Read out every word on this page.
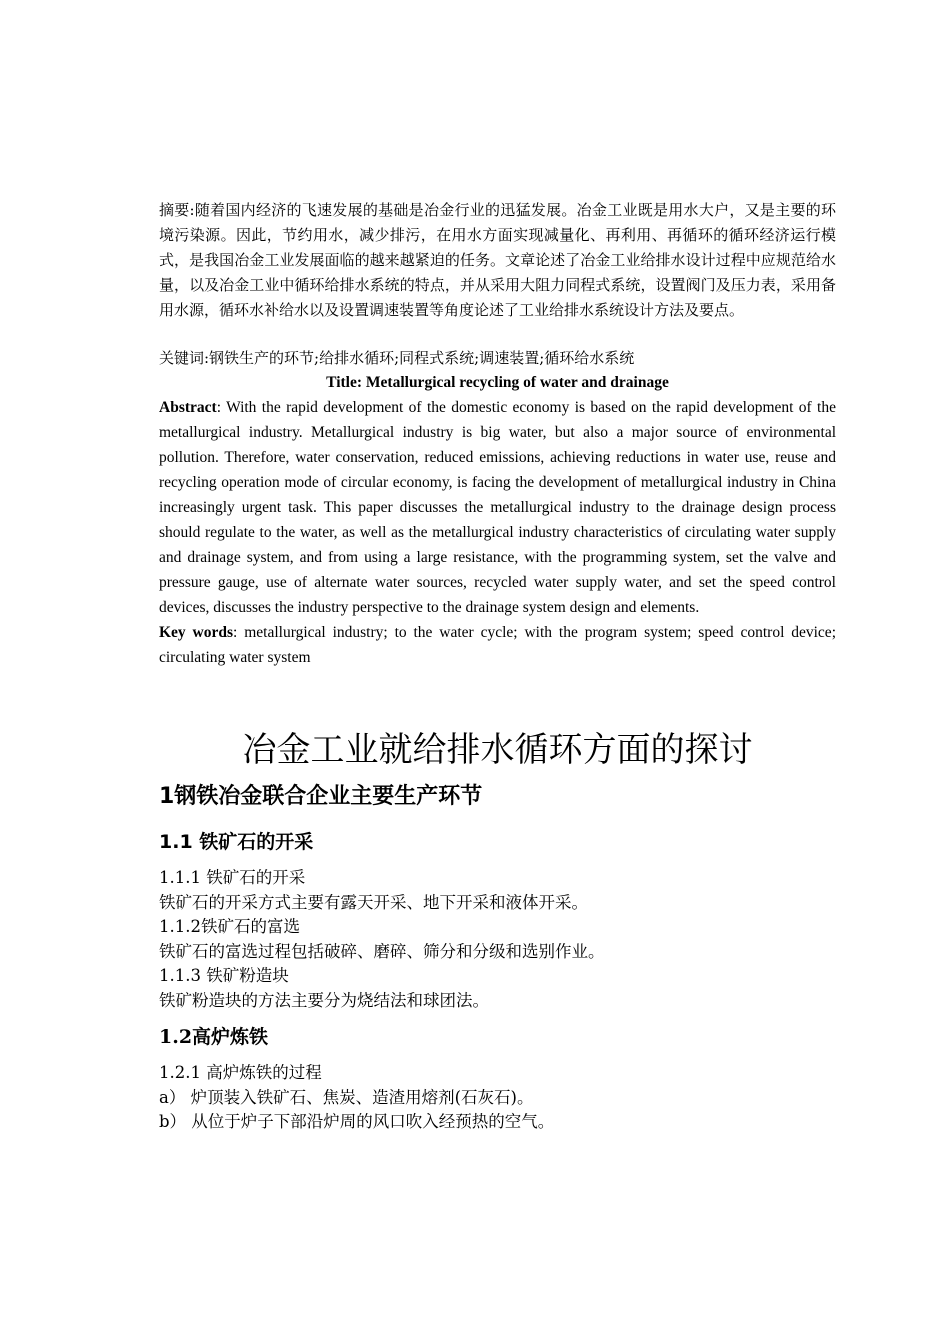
摘要:随着国内经济的飞速发展的基础是冶金行业的迅猛发展。冶金工业既是用水大户，又是主要的环境污染源。因此，节约用水，减少排污，在用水方面实现减量化、再利用、再循环的循环经济运行模式，是我国冶金工业发展面临的越来越紧迫的任务。文章论述了冶金工业给排水设计过程中应规范给水量，以及冶金工业中循环给排水系统的特点，并从采用大阻力同程式系统，设置阀门及压力表，采用备用水源，循环水补给水以及设置调速装置等角度论述了工业给排水系统设计方法及要点。

关键词:钢铁生产的环节;给排水循环;同程式系统;调速装置;循环给水系统

Title: Metallurgical recycling of water and drainage

Abstract: With the rapid development of the domestic economy is based on the rapid development of the metallurgical industry. Metallurgical industry is big water, but also a major source of environmental pollution. Therefore, water conservation, reduced emissions, achieving reductions in water use, reuse and recycling operation mode of circular economy, is facing the development of metallurgical industry in China increasingly urgent task. This paper discusses the metallurgical industry to the drainage design process should regulate to the water, as well as the metallurgical industry characteristics of circulating water supply and drainage system, and from using a large resistance, with the programming system, set the valve and pressure gauge, use of alternate water sources, recycled water supply water, and set the speed control devices, discusses the industry perspective to the drainage system design and elements.

Key words: metallurgical industry; to the water cycle; with the program system; speed control device; circulating water system

冶金工业就给排水循环方面的探讨
1钢铁冶金联合企业主要生产环节
1.1 铁矿石的开采

1.1.1 铁矿石的开采

铁矿石的开采方式主要有露天开采、地下开采和液体开采。

1.1.2铁矿石的富选

铁矿石的富选过程包括破碎、磨碎、筛分和分级和选别作业。

1.1.3 铁矿粉造块

铁矿粉造块的方法主要分为烧结法和球团法。

1.2高炉炼铁

1.2.1 高炉炼铁的过程

a） 炉顶装入铁矿石、焦炭、造渣用熔剂(石灰石)。

b） 从位于炉子下部沿炉周的风口吹入经预热的空气。
